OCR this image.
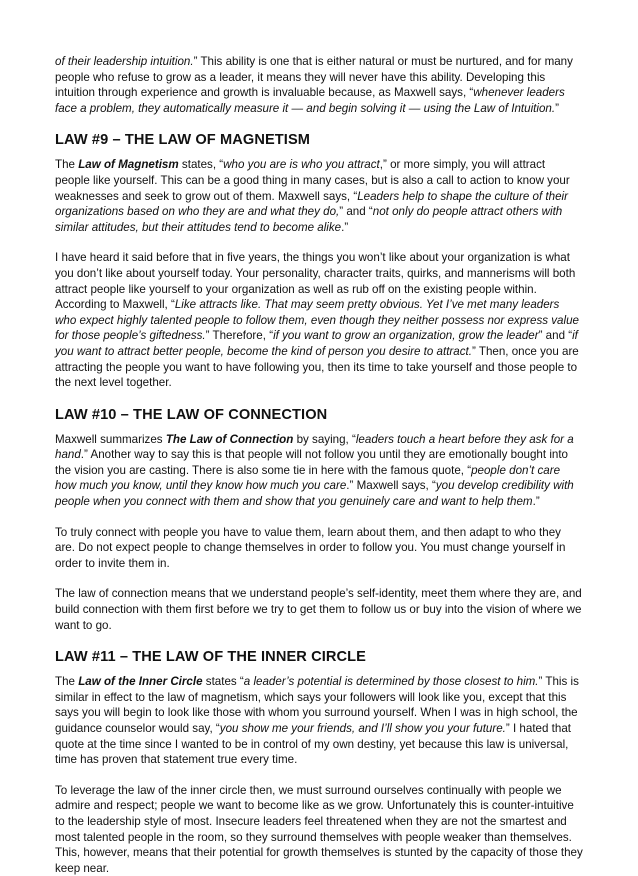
of their leadership intuition.” This ability is one that is either natural or must be nurtured, and for many people who refuse to grow as a leader, it means they will never have this ability. Developing this intuition through experience and growth is invaluable because, as Maxwell says, “whenever leaders face a problem, they automatically measure it — and begin solving it — using the Law of Intuition.”

LAW #9 – THE LAW OF MAGNETISM

The Law of Magnetism states, “who you are is who you attract,” or more simply, you will attract people like yourself. This can be a good thing in many cases, but is also a call to action to know your weaknesses and seek to grow out of them. Maxwell says, “Leaders help to shape the culture of their organizations based on who they are and what they do,” and “not only do people attract others with similar attitudes, but their attitudes tend to become alike.”

I have heard it said before that in five years, the things you won’t like about your organization is what you don’t like about yourself today. Your personality, character traits, quirks, and mannerisms will both attract people like yourself to your organization as well as rub off on the existing people within. According to Maxwell, “Like attracts like. That may seem pretty obvious. Yet I’ve met many leaders who expect highly talented people to follow them, even though they neither possess nor express value for those people’s giftedness.” Therefore, “if you want to grow an organization, grow the leader” and “if you want to attract better people, become the kind of person you desire to attract.” Then, once you are attracting the people you want to have following you, then its time to take yourself and those people to the next level together.

LAW #10 – THE LAW OF CONNECTION

Maxwell summarizes The Law of Connection by saying, “leaders touch a heart before they ask for a hand.” Another way to say this is that people will not follow you until they are emotionally bought into the vision you are casting. There is also some tie in here with the famous quote, “people don’t care how much you know, until they know how much you care.” Maxwell says, “you develop credibility with people when you connect with them and show that you genuinely care and want to help them.”

To truly connect with people you have to value them, learn about them, and then adapt to who they are. Do not expect people to change themselves in order to follow you. You must change yourself in order to invite them in.

The law of connection means that we understand people’s self-identity, meet them where they are, and build connection with them first before we try to get them to follow us or buy into the vision of where we want to go.

LAW #11 – THE LAW OF THE INNER CIRCLE

The Law of the Inner Circle states “a leader’s potential is determined by those closest to him.” This is similar in effect to the law of magnetism, which says your followers will look like you, except that this says you will begin to look like those with whom you surround yourself. When I was in high school, the guidance counselor would say, “you show me your friends, and I’ll show you your future.” I hated that quote at the time since I wanted to be in control of my own destiny, yet because this law is universal, time has proven that statement true every time.

To leverage the law of the inner circle then, we must surround ourselves continually with people we admire and respect; people we want to become like as we grow. Unfortunately this is counter-intuitive to the leadership style of most. Insecure leaders feel threatened when they are not the smartest and most talented people in the room, so they surround themselves with people weaker than themselves. This, however, means that their potential for growth themselves is stunted by the capacity of those they keep near.
